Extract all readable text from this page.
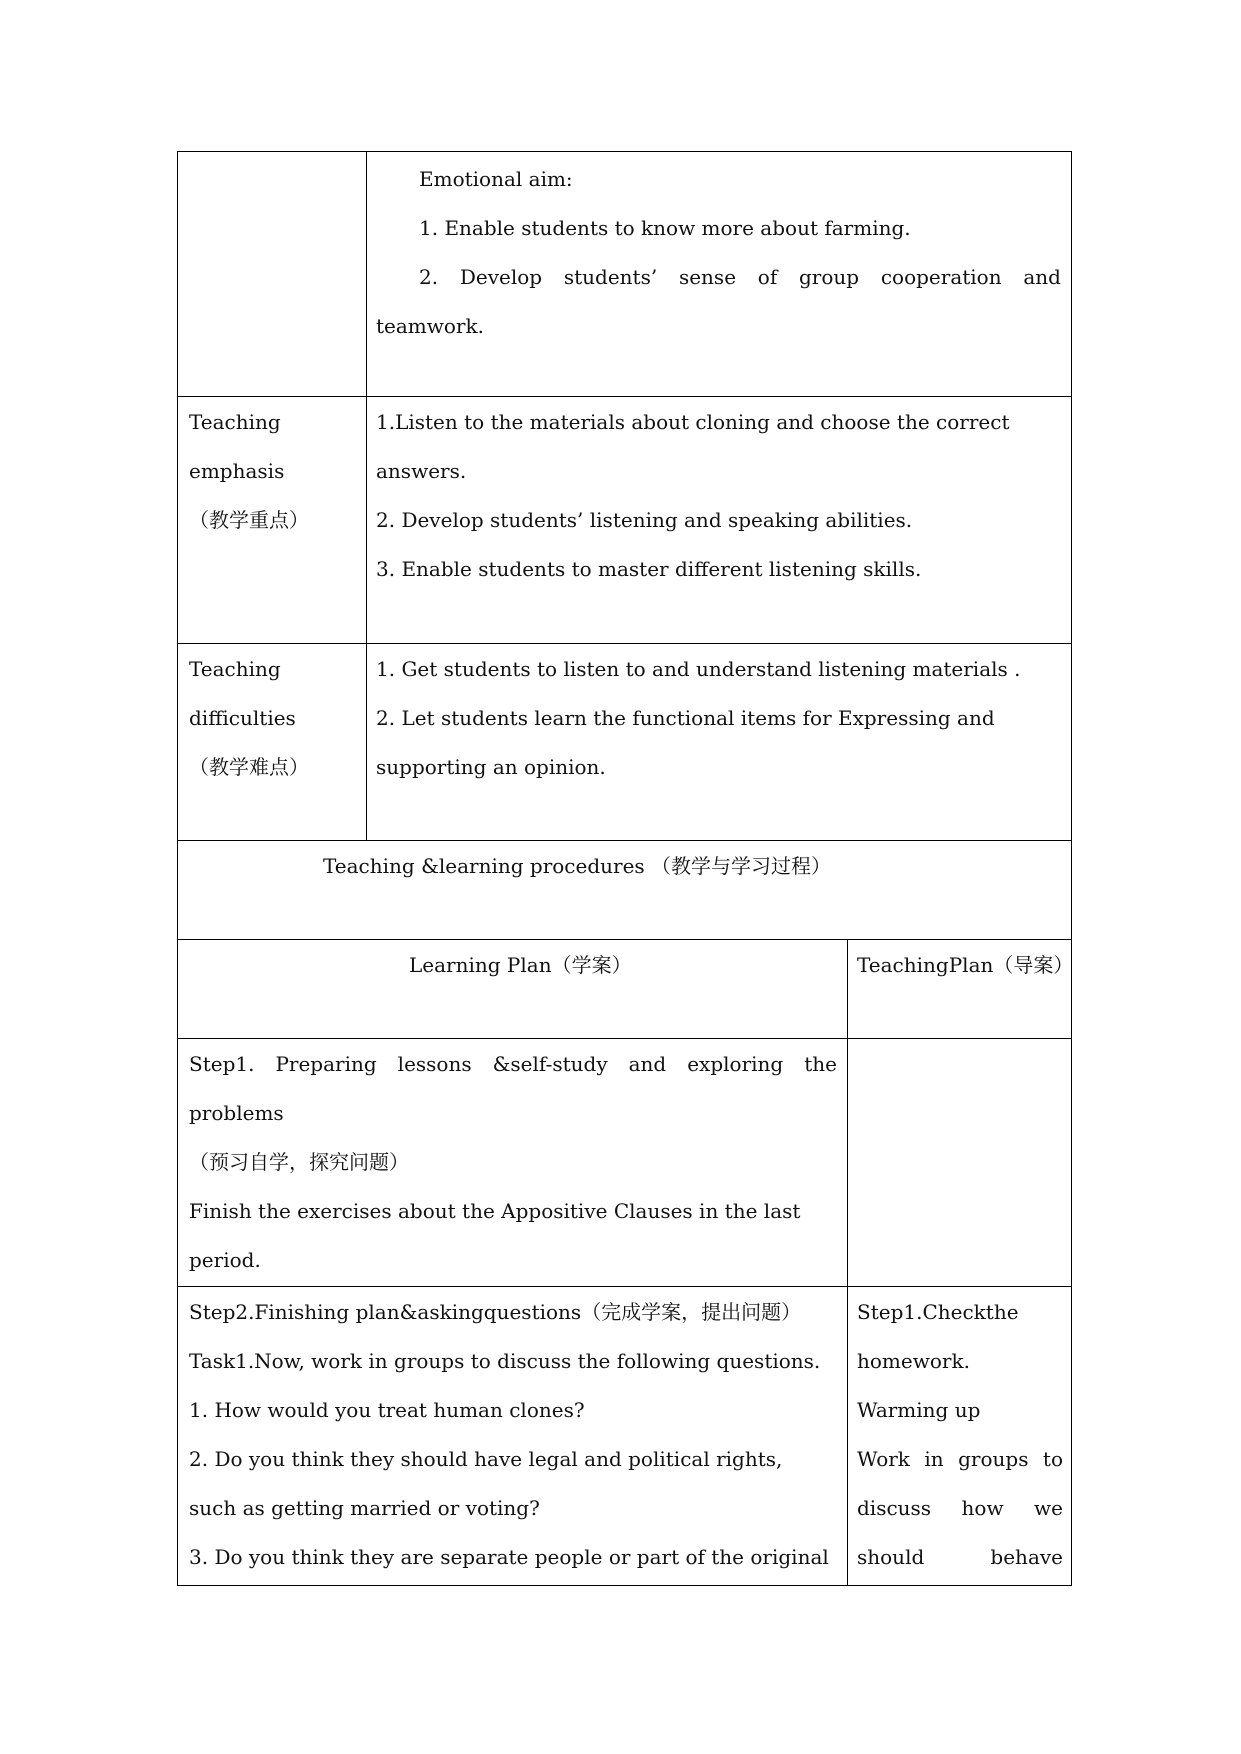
Emotional aim:
1. Enable students to know more about farming.
2. Develop students’ sense of group cooperation and
teamwork.
Teaching
emphasis
（教学重点）
1.Listen to the materials about cloning and choose the correct
answers.
2. Develop students’ listening and speaking abilities.
3. Enable students to master different listening skills.
Teaching
difficulties
（教学难点）
1. Get students to listen to and understand listening materials .
2. Let students learn the functional items for Expressing and
supporting an opinion.
Teaching &learning procedures （教学与学习过程）
Learning Plan（学案）	TeachingPlan（导案）
Step1. Preparing lessons &self-study and exploring the
problems
（预习自学，探究问题）
Finish the exercises about the Appositive Clauses in the last
period.
Step2.Finishing plan&askingquestions（完成学案，提出问题）
Task1.Now, work in groups to discuss the following questions.
1. How would you treat human clones?
2. Do you think they should have legal and political rights,
such as getting married or voting?
3. Do you think they are separate people or part of the original
Step1.Checkthe
homework.
Warming up
Work in groups to
discuss how we
should	behave
